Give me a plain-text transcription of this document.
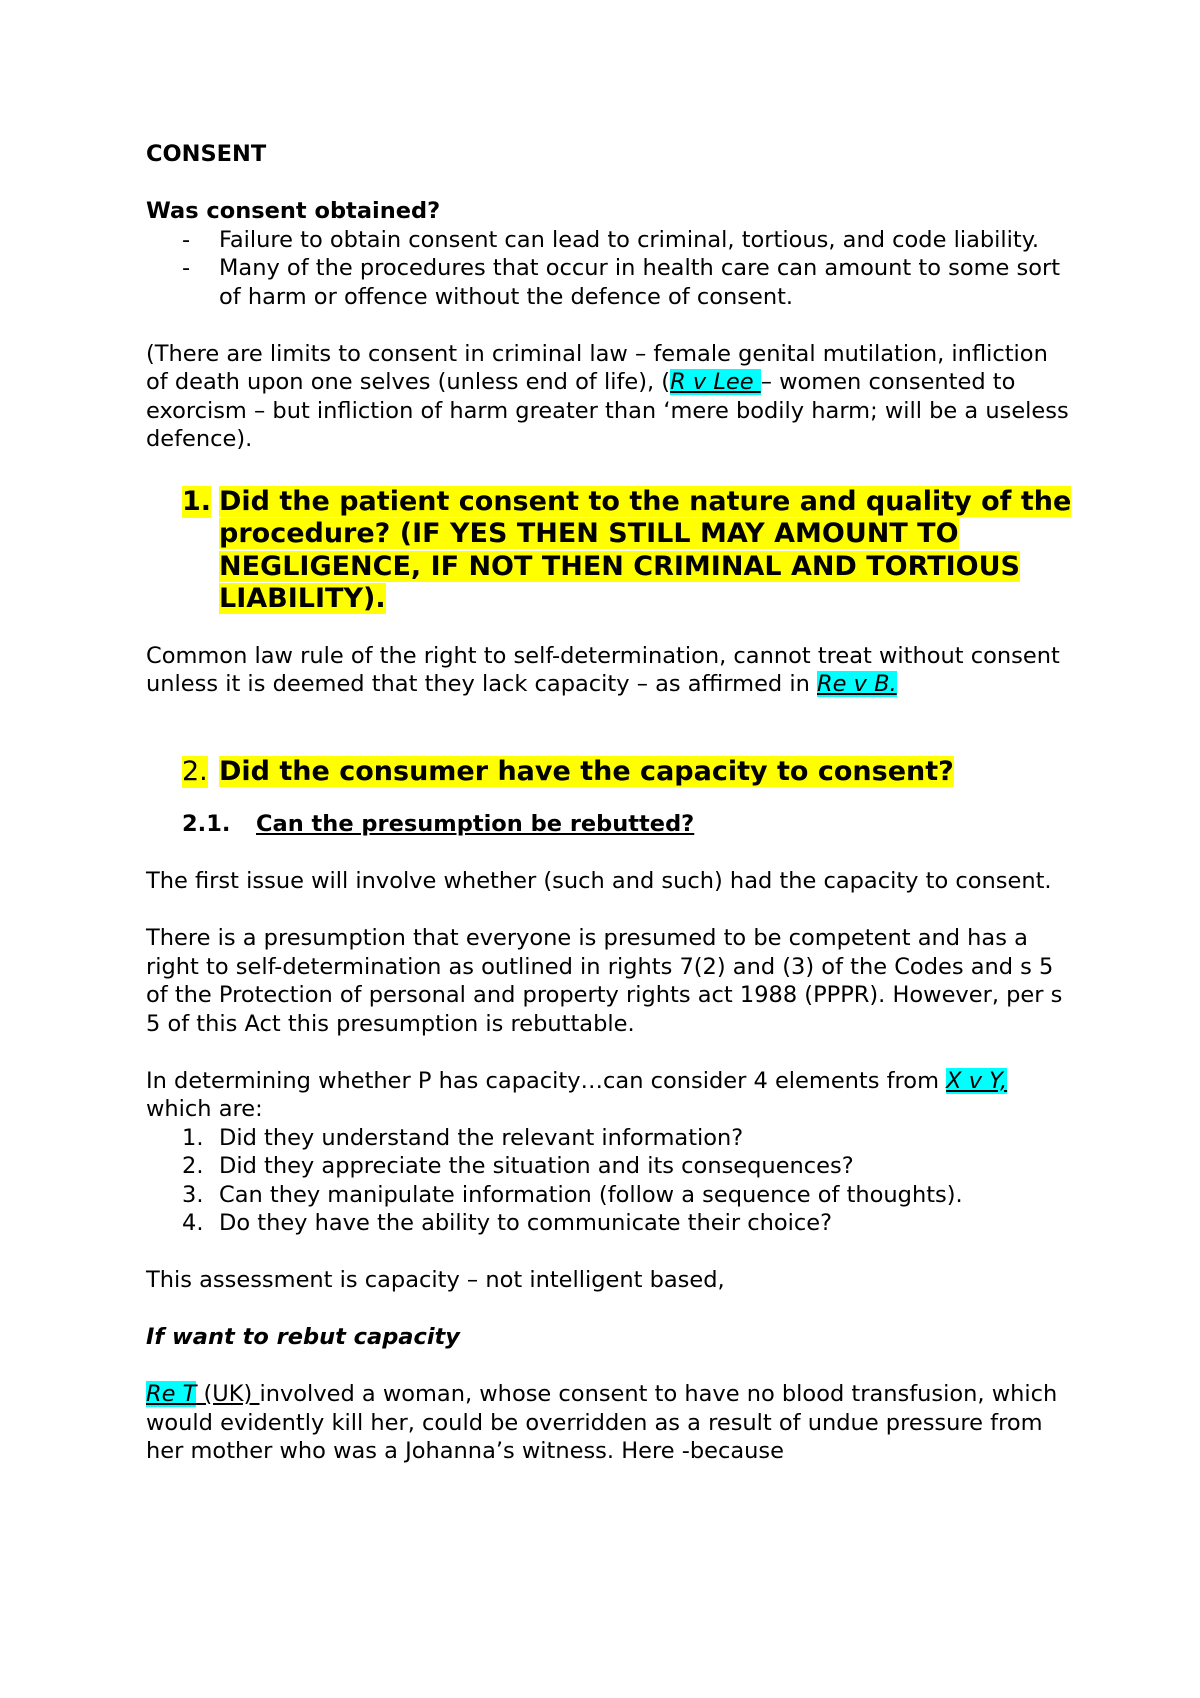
CONSENT

Was consent obtained?

- Failure to obtain consent can lead to criminal, tortious, and code liability.
- Many of the procedures that occur in health care can amount to some sort of harm or offence without the defence of consent.

(There are limits to consent in criminal law – female genital mutilation, infliction of death upon one selves (unless end of life), (R v Lee – women consented to exorcism – but infliction of harm greater than ‘mere bodily harm; will be a useless defence).

1. Did the patient consent to the nature and quality of the procedure? (IF YES THEN STILL MAY AMOUNT TO NEGLIGENCE, IF NOT THEN CRIMINAL AND TORTIOUS LIABILITY).

Common law rule of the right to self-determination, cannot treat without consent unless it is deemed that they lack capacity – as affirmed in Re v B.

2. Did the consumer have the capacity to consent?

2.1. Can the presumption be rebutted?

The first issue will involve whether (such and such) had the capacity to consent.

There is a presumption that everyone is presumed to be competent and has a right to self-determination as outlined in rights 7(2) and (3) of the Codes and s 5 of the Protection of personal and property rights act 1988 (PPPR). However, per s 5 of this Act this presumption is rebuttable.

In determining whether P has capacity…can consider 4 elements from X v Y, which are:

1. Did they understand the relevant information?
2. Did they appreciate the situation and its consequences?
3. Can they manipulate information (follow a sequence of thoughts).
4. Do they have the ability to communicate their choice?

This assessment is capacity – not intelligent based,

If want to rebut capacity

Re T (UK) involved a woman, whose consent to have no blood transfusion, which would evidently kill her, could be overridden as a result of undue pressure from her mother who was a Johanna’s witness. Here -because
